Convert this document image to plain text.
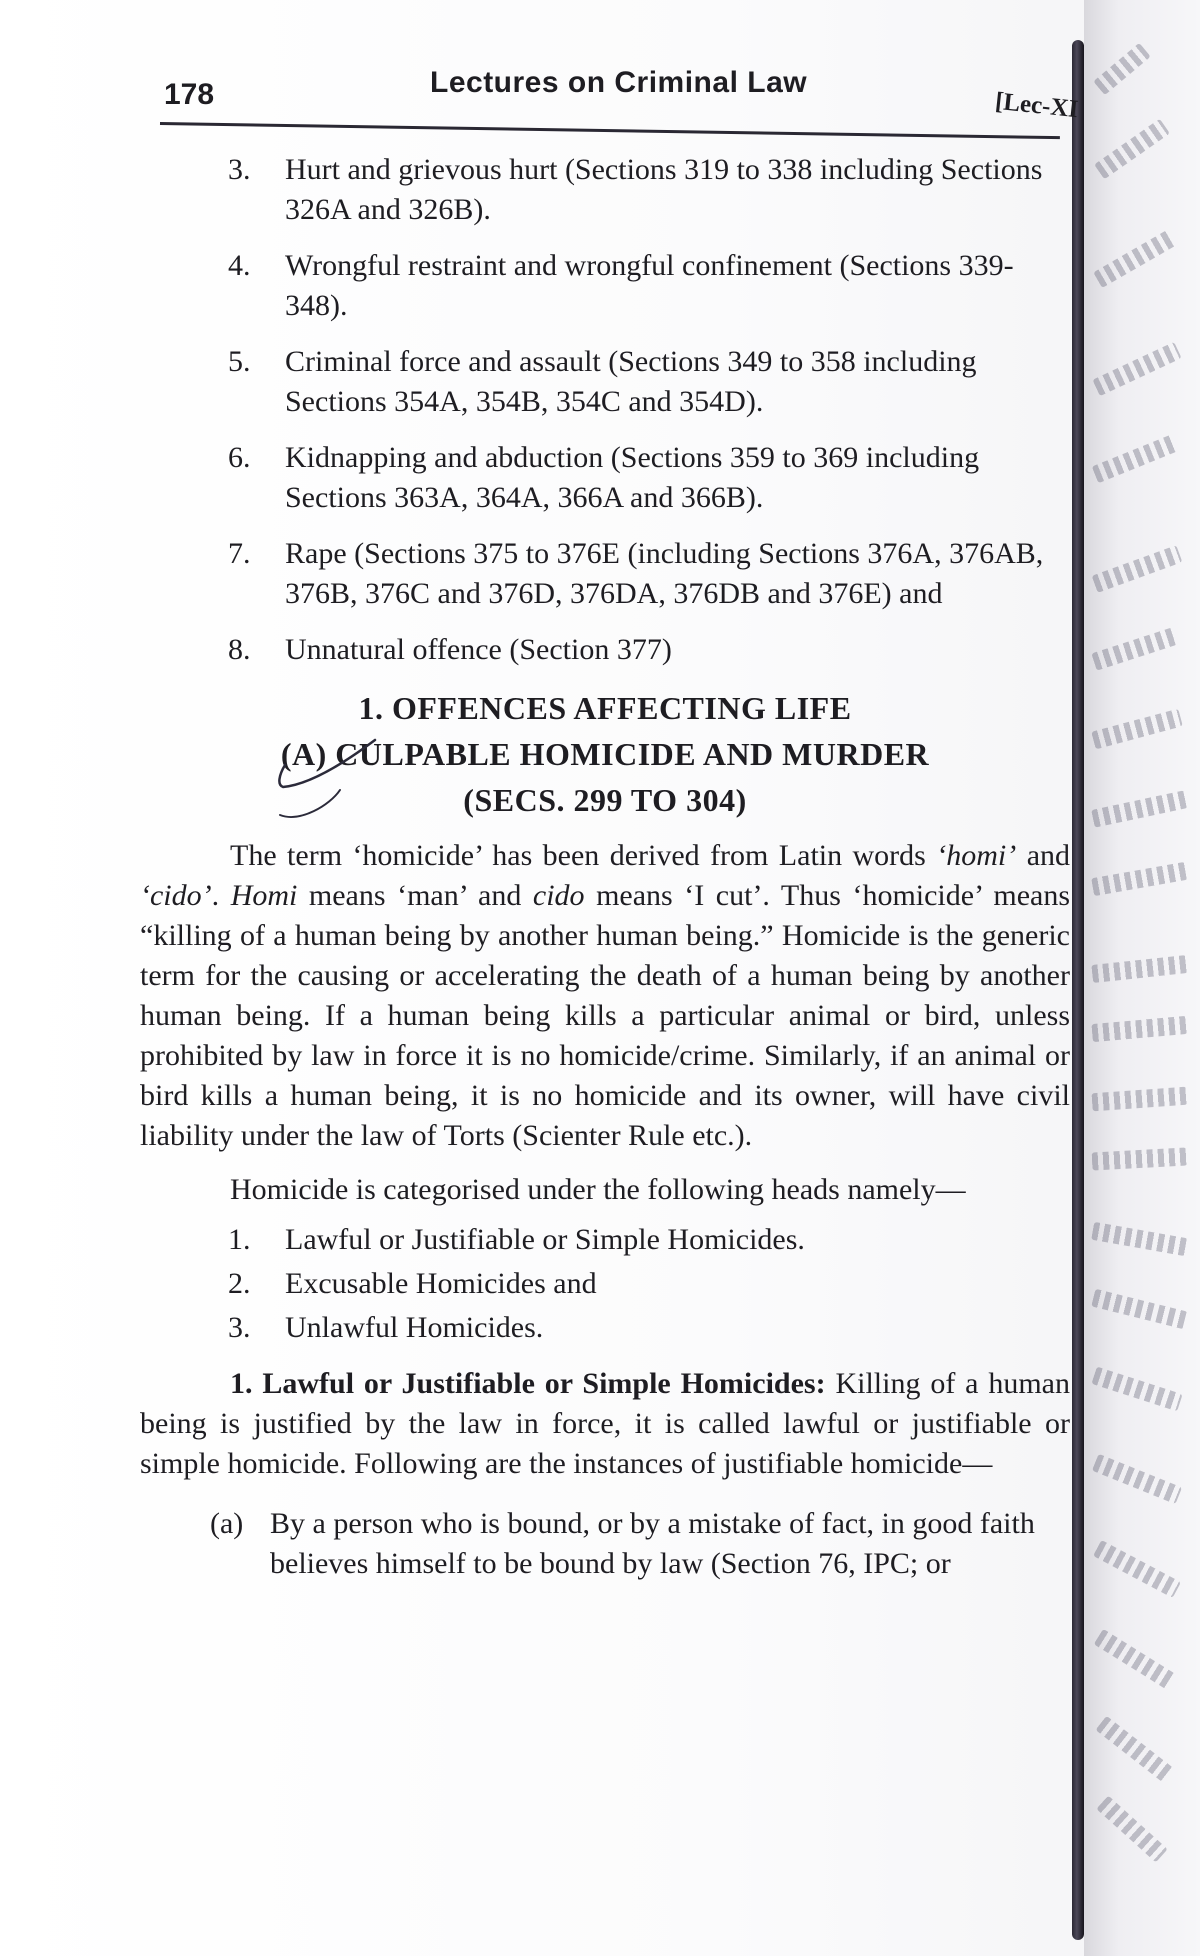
178	Lectures on Criminal Law
[Lec-XI
3. Hurt and grievous hurt (Sections 319 to 338 including Sections 326A and 326B).
4. Wrongful restraint and wrongful confinement (Sections 339- 348).
5. Criminal force and assault (Sections 349 to 358 including Sections 354A, 354B, 354C and 354D).
6. Kidnapping and abduction (Sections 359 to 369 including Sections 363A, 364A, 366A and 366B).
7. Rape (Sections 375 to 376E (including Sections 376A, 376AB, 376B, 376C and 376D, 376DA, 376DB and 376E) and
8. Unnatural offence (Section 377)
1. OFFENCES AFFECTING LIFE
(A) CULPABLE HOMICIDE AND MURDER
(SECS. 299 TO 304)

The term ‘homicide’ has been derived from Latin words ‘homi’ and ‘cido’. Homi means ‘man’ and cido means ‘I cut’. Thus ‘homicide’ means “killing of a human being by another human being.” Homicide is the generic term for the causing or accelerating the death of a human being by another human being. If a human being kills a particular animal or bird, unless prohibited by law in force it is no homicide/crime. Similarly, if an animal or bird kills a human being, it is no homicide and its owner, will have civil liability under the law of Torts (Scienter Rule etc.).

Homicide is categorised under the following heads namely—

1. Lawful or Justifiable or Simple Homicides.
2. Excusable Homicides and
3. Unlawful Homicides.

1. Lawful or Justifiable or Simple Homicides: Killing of a human being is justified by the law in force, it is called lawful or justifiable or simple homicide. Following are the instances of justifiable homicide—

(a) By a person who is bound, or by a mistake of fact, in good faith believes himself to be bound by law (Section 76, IPC; or
